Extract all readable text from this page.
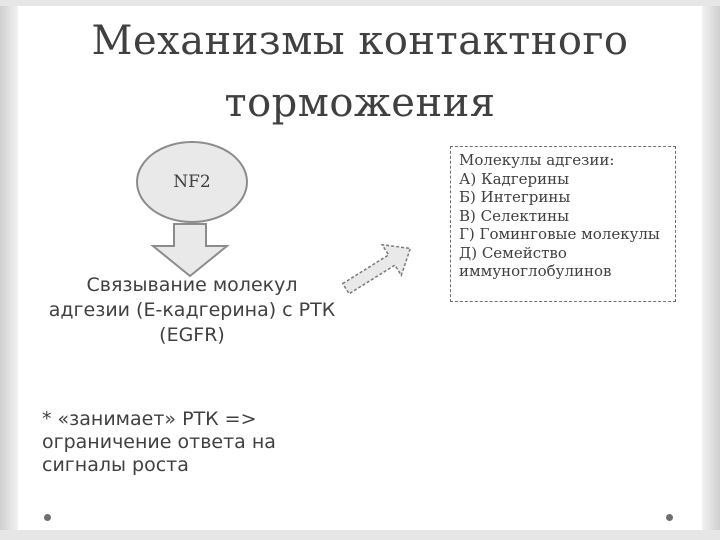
Механизмы контактного
торможения
NF2
Связывание молекул
адгезии (Е-кадгерина) с РТК
(EGFR)
* «занимает» РТК =>
ограничение ответа на
сигналы роста
Молекулы адгезии:
А) Кадгерины
Б) Интегрины
В) Селектины
Г) Гоминговые молекулы
Д) Семейство
иммуноглобулинов
